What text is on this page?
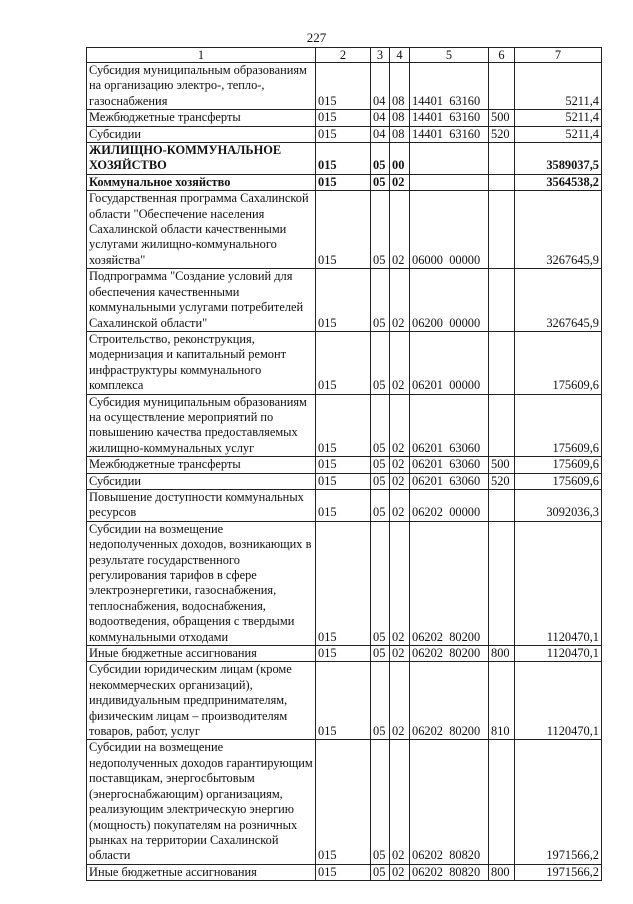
227
1	2	3	4	5	6	7
Субсидия муниципальным образованиям на организацию электро-, тепло-, газоснабжения	015	04	08	14401 63160		5211,4
Межбюджетные трансферты	015	04	08	14401 63160	500	5211,4
Субсидии	015	04	08	14401 63160	520	5211,4
ЖИЛИЩНО-КОММУНАЛЬНОЕ ХОЗЯЙСТВО	015	05	00			3589037,5
Коммунальное хозяйство	015	05	02			3564538,2
Государственная программа Сахалинской области "Обеспечение населения Сахалинской области качественными услугами жилищно-коммунального хозяйства"	015	05	02	06000 00000		3267645,9
Подпрограмма "Создание условий для обеспечения качественными коммунальными услугами потребителей Сахалинской области"	015	05	02	06200 00000		3267645,9
Строительство, реконструкция, модернизация и капитальный ремонт инфраструктуры коммунального комплекса	015	05	02	06201 00000		175609,6
Субсидия муниципальным образованиям на осуществление мероприятий по повышению качества предоставляемых жилищно-коммунальных услуг	015	05	02	06201 63060		175609,6
Межбюджетные трансферты	015	05	02	06201 63060	500	175609,6
Субсидии	015	05	02	06201 63060	520	175609,6
Повышение доступности коммунальных ресурсов	015	05	02	06202 00000		3092036,3
Субсидии на возмещение недополученных доходов, возникающих в результате государственного регулирования тарифов в сфере электроэнергетики, газоснабжения, теплоснабжения, водоснабжения, водоотведения, обращения с твердыми коммунальными отходами	015	05	02	06202 80200		1120470,1
Иные бюджетные ассигнования	015	05	02	06202 80200	800	1120470,1
Субсидии юридическим лицам (кроме некоммерческих организаций), индивидуальным предпринимателям, физическим лицам – производителям товаров, работ, услуг	015	05	02	06202 80200	810	1120470,1
Субсидии на возмещение недополученных доходов гарантирующим поставщикам, энергосбытовым (энергоснабжающим) организациям, реализующим электрическую энергию (мощность) покупателям на розничных рынках на территории Сахалинской области	015	05	02	06202 80820		1971566,2
Иные бюджетные ассигнования	015	05	02	06202 80820	800	1971566,2
